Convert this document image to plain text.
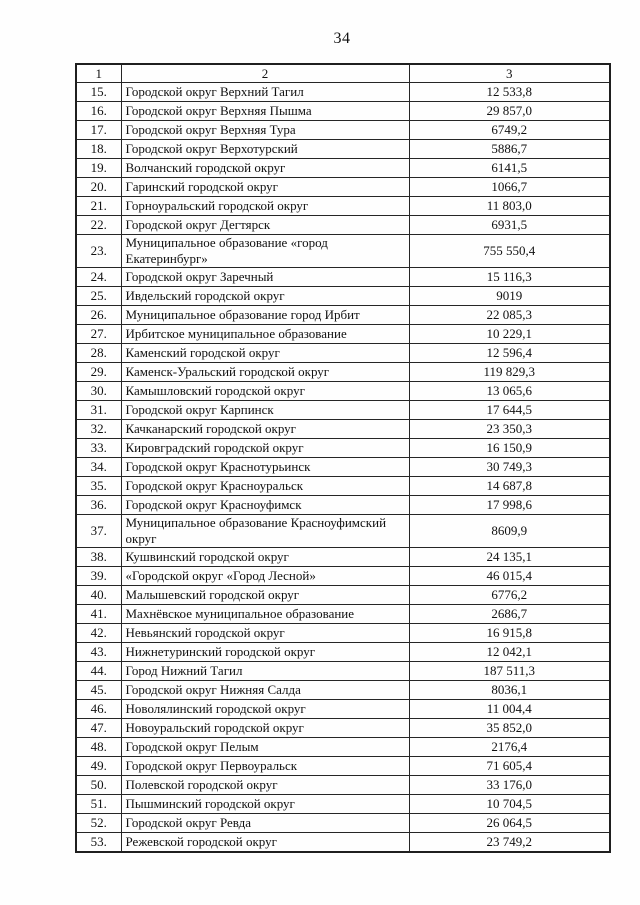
34
1	2	3
15.	Городской округ Верхний Тагил	12 533,8
16.	Городской округ Верхняя Пышма	29 857,0
17.	Городской округ Верхняя Тура	6749,2
18.	Городской округ Верхотурский	5886,7
19.	Волчанский городской округ	6141,5
20.	Гаринский городской округ	1066,7
21.	Горноуральский городской округ	11 803,0
22.	Городской округ Дегтярск	6931,5
23.	Муниципальное образование «город Екатеринбург»	755 550,4
24.	Городской округ Заречный	15 116,3
25.	Ивдельский городской округ	9019
26.	Муниципальное образование город Ирбит	22 085,3
27.	Ирбитское муниципальное образование	10 229,1
28.	Каменский городской округ	12 596,4
29.	Каменск-Уральский городской округ	119 829,3
30.	Камышловский городской округ	13 065,6
31.	Городской округ Карпинск	17 644,5
32.	Качканарский городской округ	23 350,3
33.	Кировградский городской округ	16 150,9
34.	Городской округ Краснотурьинск	30 749,3
35.	Городской округ Красноуральск	14 687,8
36.	Городской округ Красноуфимск	17 998,6
37.	Муниципальное образование Красноуфимский округ	8609,9
38.	Кушвинский городской округ	24 135,1
39.	«Городской округ «Город Лесной»	46 015,4
40.	Малышевский городской округ	6776,2
41.	Махнёвское муниципальное образование	2686,7
42.	Невьянский городской округ	16 915,8
43.	Нижнетуринский городской округ	12 042,1
44.	Город Нижний Тагил	187 511,3
45.	Городской округ Нижняя Салда	8036,1
46.	Новолялинский городской округ	11 004,4
47.	Новоуральский городской округ	35 852,0
48.	Городской округ Пелым	2176,4
49.	Городской округ Первоуральск	71 605,4
50.	Полевской городской округ	33 176,0
51.	Пышминский городской округ	10 704,5
52.	Городской округ Ревда	26 064,5
53.	Режевской городской округ	23 749,2
